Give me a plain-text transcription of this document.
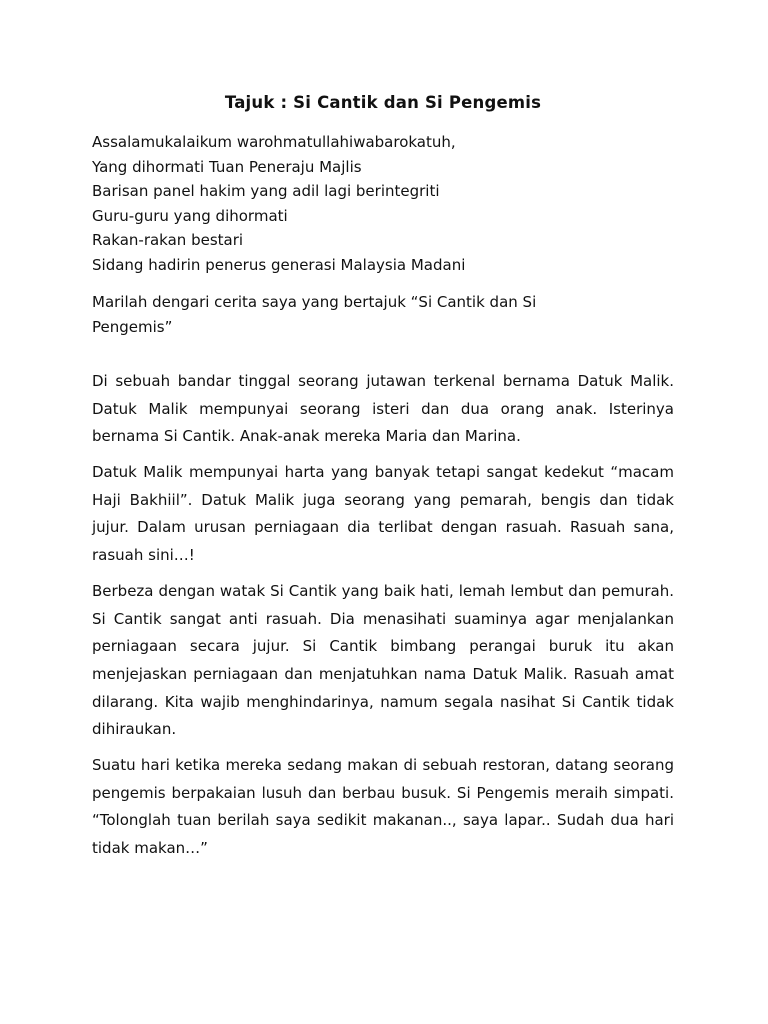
Tajuk : Si Cantik dan Si Pengemis
Assalamukalaikum warohmatullahiwabarokatuh,
Yang dihormati Tuan Peneraju Majlis
Barisan panel hakim yang adil lagi berintegriti
Guru-guru yang dihormati
Rakan-rakan bestari
Sidang hadirin penerus generasi Malaysia Madani

Marilah dengari cerita saya yang bertajuk “Si Cantik dan Si Pengemis”

Di sebuah bandar tinggal seorang jutawan terkenal bernama Datuk Malik. Datuk Malik mempunyai seorang isteri dan dua orang anak. Isterinya bernama Si Cantik. Anak-anak mereka Maria dan Marina.

Datuk Malik mempunyai harta yang banyak tetapi sangat kedekut “macam Haji Bakhiil”. Datuk Malik juga seorang yang pemarah, bengis dan tidak jujur. Dalam urusan perniagaan dia terlibat dengan rasuah. Rasuah sana, rasuah sini…!

Berbeza dengan watak Si Cantik yang baik hati, lemah lembut dan pemurah. Si Cantik sangat anti rasuah. Dia menasihati suaminya agar menjalankan perniagaan secara jujur. Si Cantik bimbang perangai buruk itu akan menjejaskan perniagaan dan menjatuhkan nama Datuk Malik. Rasuah amat dilarang. Kita wajib menghindarinya, namum segala nasihat Si Cantik tidak dihiraukan.

Suatu hari ketika mereka sedang makan di sebuah restoran, datang seorang pengemis berpakaian lusuh dan berbau busuk. Si Pengemis meraih simpati. “Tolonglah tuan berilah saya sedikit makanan.., saya lapar.. Sudah dua hari tidak makan…”
